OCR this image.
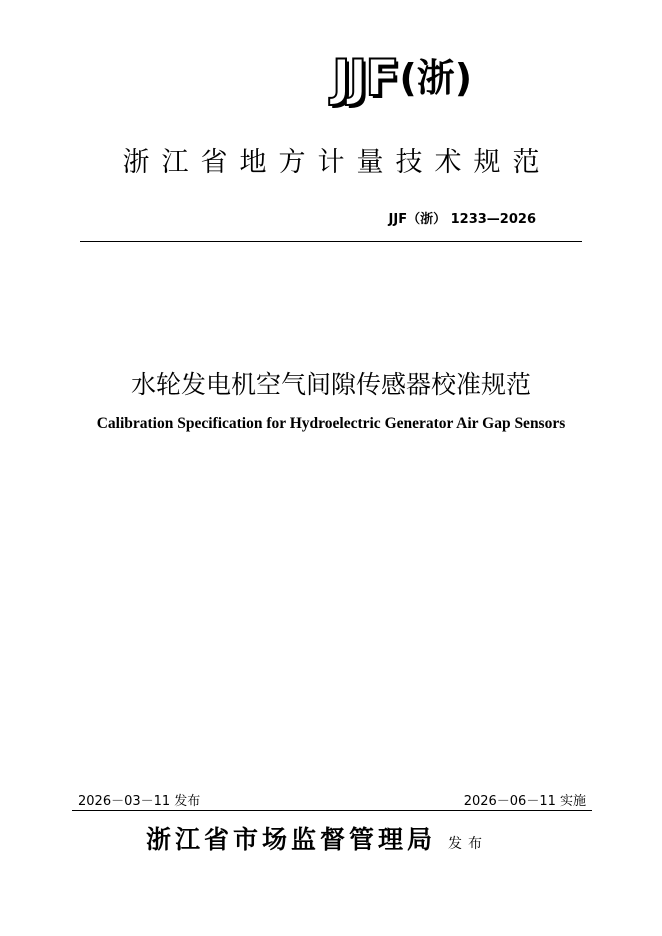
JJF (浙)
浙江省地方计量技术规范
JJF（浙） 1233—2026
水轮发电机空气间隙传感器校准规范
Calibration Specification for Hydroelectric Generator Air Gap Sensors
2026－03－11 发布	2026－06－11 实施
浙江省市场监督管理局 发布
